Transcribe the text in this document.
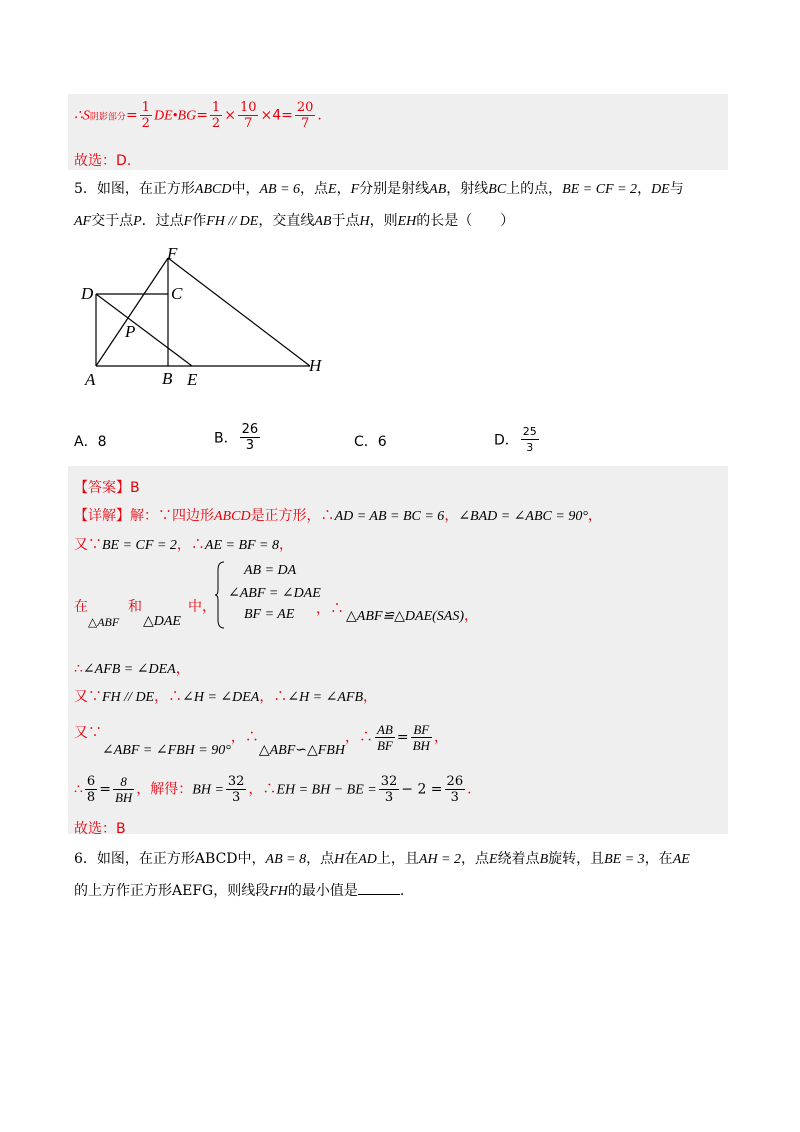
∴S阴影部分= $\frac{1}{2}$ DE•BG= $\frac{1}{2} \times \frac{10}{7} \times 4= \frac{20}{7}$ .
故选：D.
5．如图，在正方形ABCD中，AB = 6，点E，F分别是射线AB，射线BC上的点，BE = CF = 2，DE与
AF交于点P．过点F作FH // DE，交直线AB于点H，则EH的长是（　　）
D	C
F
P
A	B E
H
A．8	B． $\frac{26}{3}$	C．6	D． $\frac{25}{3}$
【答案】B
【详解】解：∵四边形ABCD是正方形，∴AD = AB = BC = 6，∠BAD = ∠ABC = 90°，
又∵BE = CF = 2，∴AE = BF = 8，
在
△ABF
和
△DAE
中，
AB = DA
∠ABF = ∠DAE
BF = AE ，∴ △ABF≌△DAE(SAS)，
∴∠AFB = ∠DEA，
又∵FH // DE，∴∠H = ∠DEA，∴∠H = ∠AFB，
又∵∠ABF = ∠FBH = 90°，∴△ABF∽△FBH，∴ $\frac{AB}{BF} = \frac{BF}{BH}$ ，
∴ $\frac{6}{8} = \frac{8}{BH}$ ，解得：BH = $\frac{32}{3}$ ，∴EH = BH − BE = $\frac{32}{3} - 2 = \frac{26}{3}$ .
故选：B
6．如图，在正方形ABCD中，AB = 8，点H在AD上，且AH = 2，点E绕着点B旋转，且BE = 3，在AE
的上方作正方形AEFG，则线段FH的最小值是	.
